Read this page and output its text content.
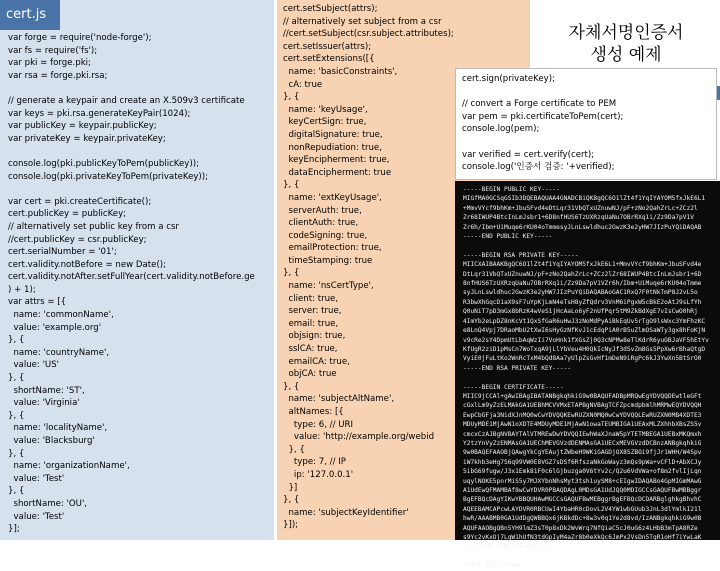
cert.js
var forge = require('node-forge');
var fs = require('fs');
var pki = forge.pki;
var rsa = forge.pki.rsa;

// generate a keypair and create an X.509v3 certificate
var keys = pki.rsa.generateKeyPair(1024);
var publicKey = keypair.publicKey;
var privateKey = keypair.privateKey;

console.log(pki.publicKeyToPem(publicKey));
console.log(pki.privateKeyToPem(privateKey));

var cert = pki.createCertificate();
cert.publicKey = publicKey;
// alternatively set public key from a csr
//cert.publicKey = csr.publicKey;
cert.serialNumber = '01';
cert.validity.notBefore = new Date();
cert.validity.notAfter.setFullYear(cert.validity.notBefore.ge
) + 1);
var attrs = [{
name: 'commonName',
value: 'example.org'
}, {
name: 'countryName',
value: 'US'
}, {
shortName: 'ST',
value: 'Virginia'
}, {
name: 'localityName',
value: 'Blacksburg'
}, {
name: 'organizationName',
value: 'Test'
}, {
shortName: 'OU',
value: 'Test'
}];
cert.setSubject(attrs);
// alternatively set subject from a csr
//cert.setSubject(csr.subject.attributes);
cert.setIssuer(attrs);
cert.setExtensions([{
name: 'basicConstraints',
cA: true
}, {
name: 'keyUsage',
keyCertSign: true,
digitalSignature: true,
nonRepudiation: true,
keyEncipherment: true,
dataEncipherment: true
}, {
name: 'extKeyUsage',
serverAuth: true,
clientAuth: true,
codeSigning: true,
emailProtection: true,
timeStamping: true
}, {
name: 'nsCertType',
client: true,
server: true,
email: true,
objsign: true,
sslCA: true,
emailCA: true,
objCA: true
}, {
name: 'subjectAltName',
altNames: [{
type: 6, // URI
value: 'http://example.org/webid
}, {
type: 7, // IP
ip: '127.0.0.1'
}]
}, {
name: 'subjectKeyIdentifier'
}]);
자체서명인증서
생성 예제
cert.sign(privateKey);

// convert a Forge certificate to PEM
var pem = pki.certificateToPem(cert);
console.log(pem);

var verified = cert.verify(cert);
console.log('인증서 검증: '+verified);
-----BEGIN PUBLIC KEY-----
MIGfMA0GCSqGSIb3DQEBAQUAA4GNADCBiQKBgQC6O1lZt4f1YqIYAYOM5fxJkE6L1
+MmvVYcf9bhKm+JbuSFvd4eDtLqr31VbQTxUZnuwNJ/pF+zNo2QahZrLc+ZCz2l
Zr68IWUP4BtcInLmJsbr1+6D8nfHUS6TzUXRzqUaNu7OBrRXq1i/Zz9Da7pV1V
Zr6h/Ibm+UiMuqe6rKU04oTmmesyJLnLswldhuc2GwzK3e2yHW7JIzPuYQiDAQAB
-----END PUBLIC KEY-----

-----BEGIN RSA PRIVATE KEY-----
MIICXAIBAAKBgQC6O1lZt4f1YqIYAYOM5fxJkE6L1+MmvVYcf9bhKm+JbuSFvd4e
DtLqr31VbQTxUZnuwNJ/pF+zNo2QahZrLc+ZCz2lZr68IWUP4BtcInLmJsbr1+6D
8nfHUS6TzUXRzqUaNu7OBrRXq1i/Zz9Da7pV1VZr6h/Ibm+UiMuqe6rKU04oTmme
syJLnLswldhuc2GwzK3e2yHW7JIzPuYQiDAQABAoGAC1RxQ7F0tNkTmP8J2vL5o
R3bwXhGqcD1aX9sF7uYpKjLmN4eTsH8yZfQdrv3VnM6iPgxW5cBkE2oAtJ9sLfYh
Q0uNiT7pD3mGx8bRzK4wVeS1jHcAaLo6yF2nUfPqr5tM9ZkBdXgE7vIsCwO0hRj
4ImYb2eLpDZ8nKcVt1QxSfGaR6uHwJ3zNoMdPyAiBkEqUv5rTgO9lsWxc3YmFhzKC
e8LnQ4Vpj7DRaoMbU2tXwI6sHyGzNfKvJ1cEdqPiA0rB5uZlmOSaWTy3gx8hFoKjN
v9cRe2sY4DpmUtLbAqWzIi7VoHnk1fXGsZj0Q3cNPMw8eTlKdrR6yuOBJaVF5hEtYv
KfUgR2ziD1pMsCn7WoTxqA9jLlYbVeu4H0QkIcNyJf3dSvZm8Gs5PpXw6rBhaQtgD
VyiE0jFuLtKo2WnRcTxM4bQd8Aa7yUlpZsGvHf1mDeN9iRgPc6kJ3YwXn5BtSrO0
-----END RSA PRIVATE KEY-----

-----BEGIN CERTIFICATE-----
MIIC9jCCAl+gAwIBAgIBATANBgkqhkiG9w0BAQUFADBpMRQwEgYDVQQDEwtleGFt
cGxlLm9yZzELMAkGA1UEBhMCVVMxETAPBgNVBAgTCFZpcmdpbmlhMRMwEQYDVQQH
EwpCbGFja3NidXJnMQ0wCwYDVQQKEwRUZXN0MQ0wCwYDVQQLEwRUZXN0MB4XDTE3
MDUyMDE1MjAwN1oXDTE4MDUyMDE1MjAwN1owaTEUMBIGA1UEAxMLZXhhbXBsZS5v
cmcxCzAJBgNVBAYTAlVTMREwDwYDVQQIEwhWaXJnaW5pYTETMBEGA1UEBxMKQmxh
Y2tzYnVyZzENMAsGA1UEChMEVGVzdDENMAsGA1UECxMEVGVzdDCBnzANBgkqhkiG
9w0BAQEFAAOBjQAwgYkCgYEAujtZWbeH9WKiGAGDjOX8SZBOi9fjJr1WHH/W4Spv
iW7khb3eHg7S6q99VW0E8VGZ7sDSf6RfszaNkGoWayz3mQs9pWa+vCFlD+AbXCJy
5ibG69fugw/J3x1Emk81F0c6lGjbuzga0V6tYv2c/Q2u6VdVWa+of8m2fvlIjLqn
uqylNOKE5pnrMiS5y7MJXYbnNhsMyt3tsh1uySM8+cEIgwIDAQABo4GpMIGmMAwG
A1UdEwQFMAMBAf8wCwYDVR0PBAQDAgL0MDsGA1UdJQQ0MDIGCCsGAQUFBwMBBggr
BgEFBQcDAgYIKwYBBQUHAwMGCCsGAQUFBwMEBggrBgEFBQcDCDARBglghkgBhvhC
AQEEBAMCAPcwLAYDVR0RBCUwI4YbaHR0cDovL2V4YW1wbGUub3JnL3dlYmlkI21l
hwR/AAABMB0GA1UdDgQWBBQx6jKBkdDc+8w3v0q1Ye2d8vd/IzANBgkqhkiG9w0B
AQUFAAOBgQBn5YH9lmZ3sT0p8xDk2WvWrq7NfQiaC5cJ0uG6z4LHbB3mTpA8RZe
s9Yc2vKxOj7LqW1hUfN3tdGpIyM4aZr8b0eXkQc6JmPx2VsDn5TgR1oHf7iYwLaK
-----END CERTIFICATE-----

인증서 검증: true
